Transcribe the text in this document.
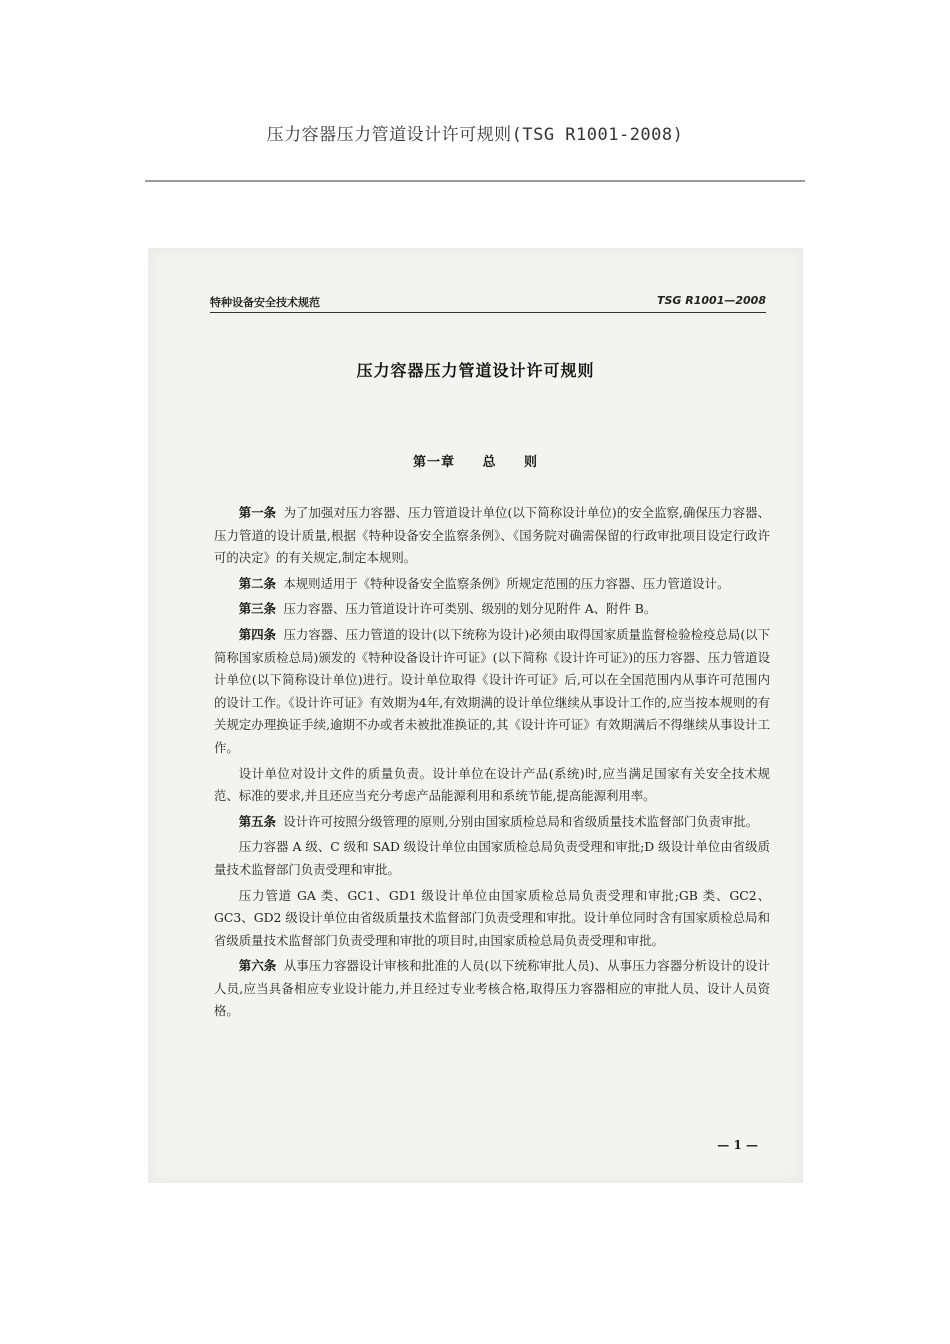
压力容器压力管道设计许可规则(TSG R1001-2008)
特种设备安全技术规范	TSG R1001—2008
压力容器压力管道设计许可规则
第一章 总 则

第一条 为了加强对压力容器、压力管道设计单位(以下简称设计单位)的安全监察,确保压力容器、压力管道的设计质量,根据《特种设备安全监察条例》、《国务院对确需保留的行政审批项目设定行政许可的决定》的有关规定,制定本规则。

第二条 本规则适用于《特种设备安全监察条例》所规定范围的压力容器、压力管道设计。

第三条 压力容器、压力管道设计许可类别、级别的划分见附件 A、附件 B。

第四条 压力容器、压力管道的设计(以下统称为设计)必须由取得国家质量监督检验检疫总局(以下简称国家质检总局)颁发的《特种设备设计许可证》(以下简称《设计许可证》)的压力容器、压力管道设计单位(以下简称设计单位)进行。设计单位取得《设计许可证》后,可以在全国范围内从事许可范围内的设计工作。《设计许可证》有效期为4年,有效期满的设计单位继续从事设计工作的,应当按本规则的有关规定办理换证手续,逾期不办或者未被批准换证的,其《设计许可证》有效期满后不得继续从事设计工作。

设计单位对设计文件的质量负责。设计单位在设计产品(系统)时,应当满足国家有关安全技术规范、标准的要求,并且还应当充分考虑产品能源利用和系统节能,提高能源利用率。

第五条 设计许可按照分级管理的原则,分别由国家质检总局和省级质量技术监督部门负责审批。

压力容器 A 级、C 级和 SAD 级设计单位由国家质检总局负责受理和审批;D 级设计单位由省级质量技术监督部门负责受理和审批。

压力管道 GA 类、GC1、GD1 级设计单位由国家质检总局负责受理和审批;GB 类、GC2、GC3、GD2 级设计单位由省级质量技术监督部门负责受理和审批。设计单位同时含有国家质检总局和省级质量技术监督部门负责受理和审批的项目时,由国家质检总局负责受理和审批。

第六条 从事压力容器设计审核和批准的人员(以下统称审批人员)、从事压力容器分析设计的设计人员,应当具备相应专业设计能力,并且经过专业考核合格,取得压力容器相应的审批人员、设计人员资格。

— 1 —
